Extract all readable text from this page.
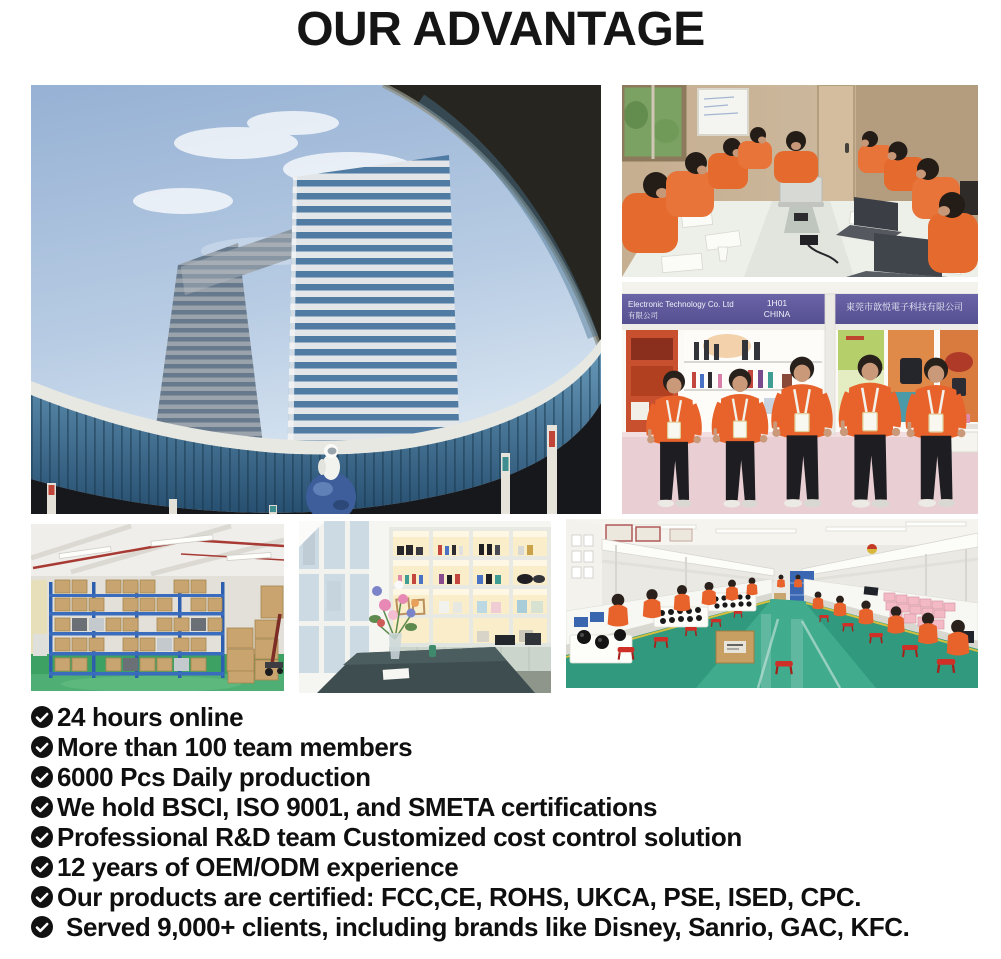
OUR ADVANTAGE
Electronic Technology Co. Ltd
有限公司
1H01
CHINA
東莞市歆悦電子科技有限公司
24 hours online
More than 100 team members
6000 Pcs Daily production
We hold BSCI, ISO 9001, and SMETA certifications
Professional R&D team Customized cost control solution
12 years of OEM/ODM experience
Our products are certified: FCC,CE, ROHS, UKCA, PSE, ISED, CPC.
Served 9,000+ clients, including brands like Disney, Sanrio, GAC, KFC.
